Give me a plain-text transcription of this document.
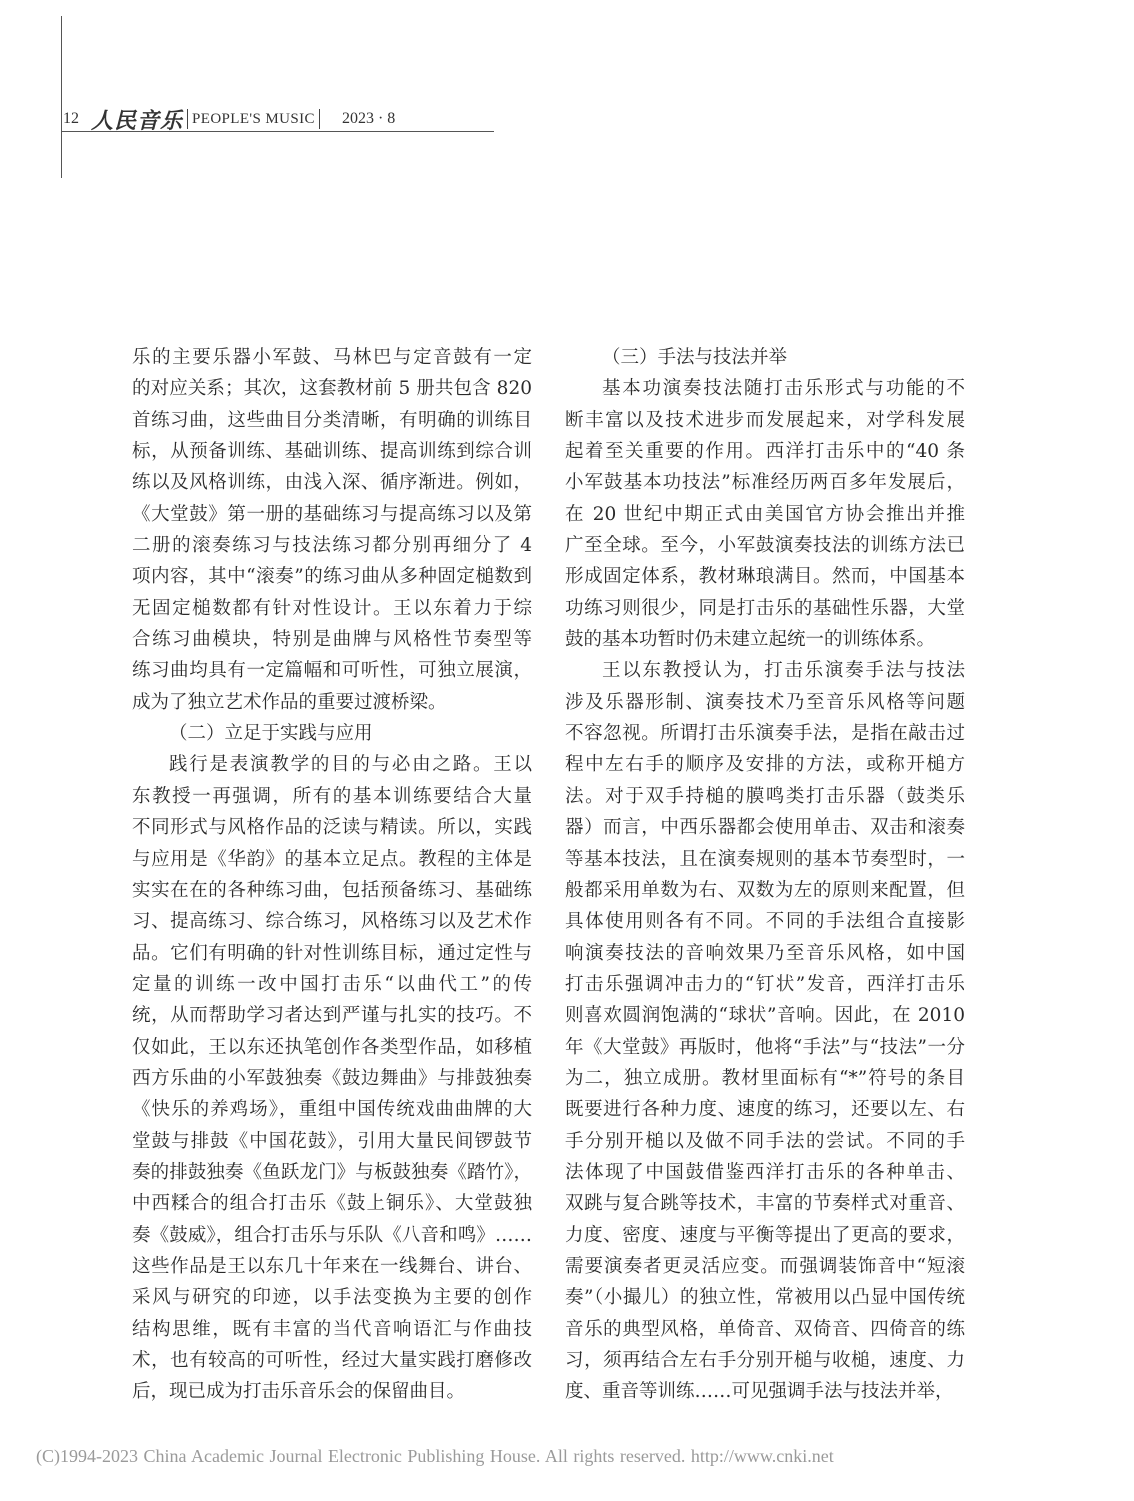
12 人民音乐 PEOPLE'S MUSIC 2023 · 8
乐的主要乐器小军鼓、马林巴与定音鼓有一定
的对应关系；其次，这套教材前 5 册共包含 820
首练习曲，这些曲目分类清晰，有明确的训练目
标，从预备训练、基础训练、提高训练到综合训
练以及风格训练，由浅入深、循序渐进。例如，
《大堂鼓》第一册的基础练习与提高练习以及第
二册的滚奏练习与技法练习都分别再细分了 4
项内容，其中“滚奏”的练习曲从多种固定槌数到
无固定槌数都有针对性设计。王以东着力于综
合练习曲模块，特别是曲牌与风格性节奏型等
练习曲均具有一定篇幅和可听性，可独立展演，
成为了独立艺术作品的重要过渡桥梁。
（二）立足于实践与应用
践行是表演教学的目的与必由之路。王以
东教授一再强调，所有的基本训练要结合大量
不同形式与风格作品的泛读与精读。所以，实践
与应用是《华韵》的基本立足点。教程的主体是
实实在在的各种练习曲，包括预备练习、基础练
习、提高练习、综合练习，风格练习以及艺术作
品。它们有明确的针对性训练目标，通过定性与
定量的训练一改中国打击乐“以曲代工”的传
统，从而帮助学习者达到严谨与扎实的技巧。不
仅如此，王以东还执笔创作各类型作品，如移植
西方乐曲的小军鼓独奏《鼓边舞曲》与排鼓独奏
《快乐的养鸡场》，重组中国传统戏曲曲牌的大
堂鼓与排鼓《中国花鼓》，引用大量民间锣鼓节
奏的排鼓独奏《鱼跃龙门》与板鼓独奏《踏竹》，
中西糅合的组合打击乐《鼓上铜乐》、大堂鼓独
奏《鼓威》，组合打击乐与乐队《八音和鸣》……
这些作品是王以东几十年来在一线舞台、讲台、
采风与研究的印迹，以手法变换为主要的创作
结构思维，既有丰富的当代音响语汇与作曲技
术，也有较高的可听性，经过大量实践打磨修改
后，现已成为打击乐音乐会的保留曲目。
（三）手法与技法并举
基本功演奏技法随打击乐形式与功能的不
断丰富以及技术进步而发展起来，对学科发展
起着至关重要的作用。西洋打击乐中的“40 条
小军鼓基本功技法”标准经历两百多年发展后，
在 20 世纪中期正式由美国官方协会推出并推
广至全球。至今，小军鼓演奏技法的训练方法已
形成固定体系，教材琳琅满目。然而，中国基本
功练习则很少，同是打击乐的基础性乐器，大堂
鼓的基本功暂时仍未建立起统一的训练体系。
王以东教授认为，打击乐演奏手法与技法
涉及乐器形制、演奏技术乃至音乐风格等问题
不容忽视。所谓打击乐演奏手法，是指在敲击过
程中左右手的顺序及安排的方法，或称开槌方
法。对于双手持槌的膜鸣类打击乐器（鼓类乐
器）而言，中西乐器都会使用单击、双击和滚奏
等基本技法，且在演奏规则的基本节奏型时，一
般都采用单数为右、双数为左的原则来配置，但
具体使用则各有不同。不同的手法组合直接影
响演奏技法的音响效果乃至音乐风格，如中国
打击乐强调冲击力的“钉状”发音，西洋打击乐
则喜欢圆润饱满的“球状”音响。因此，在 2010
年《大堂鼓》再版时，他将“手法”与“技法”一分
为二，独立成册。教材里面标有“*”符号的条目
既要进行各种力度、速度的练习，还要以左、右
手分别开槌以及做不同手法的尝试。不同的手
法体现了中国鼓借鉴西洋打击乐的各种单击、
双跳与复合跳等技术，丰富的节奏样式对重音、
力度、密度、速度与平衡等提出了更高的要求，
需要演奏者更灵活应变。而强调装饰音中“短滚
奏”（小撮儿）的独立性，常被用以凸显中国传统
音乐的典型风格，单倚音、双倚音、四倚音的练
习，须再结合左右手分别开槌与收槌，速度、力
度、重音等训练……可见强调手法与技法并举，
(C)1994-2023 China Academic Journal Electronic Publishing House. All rights reserved. http://www.cnki.net
